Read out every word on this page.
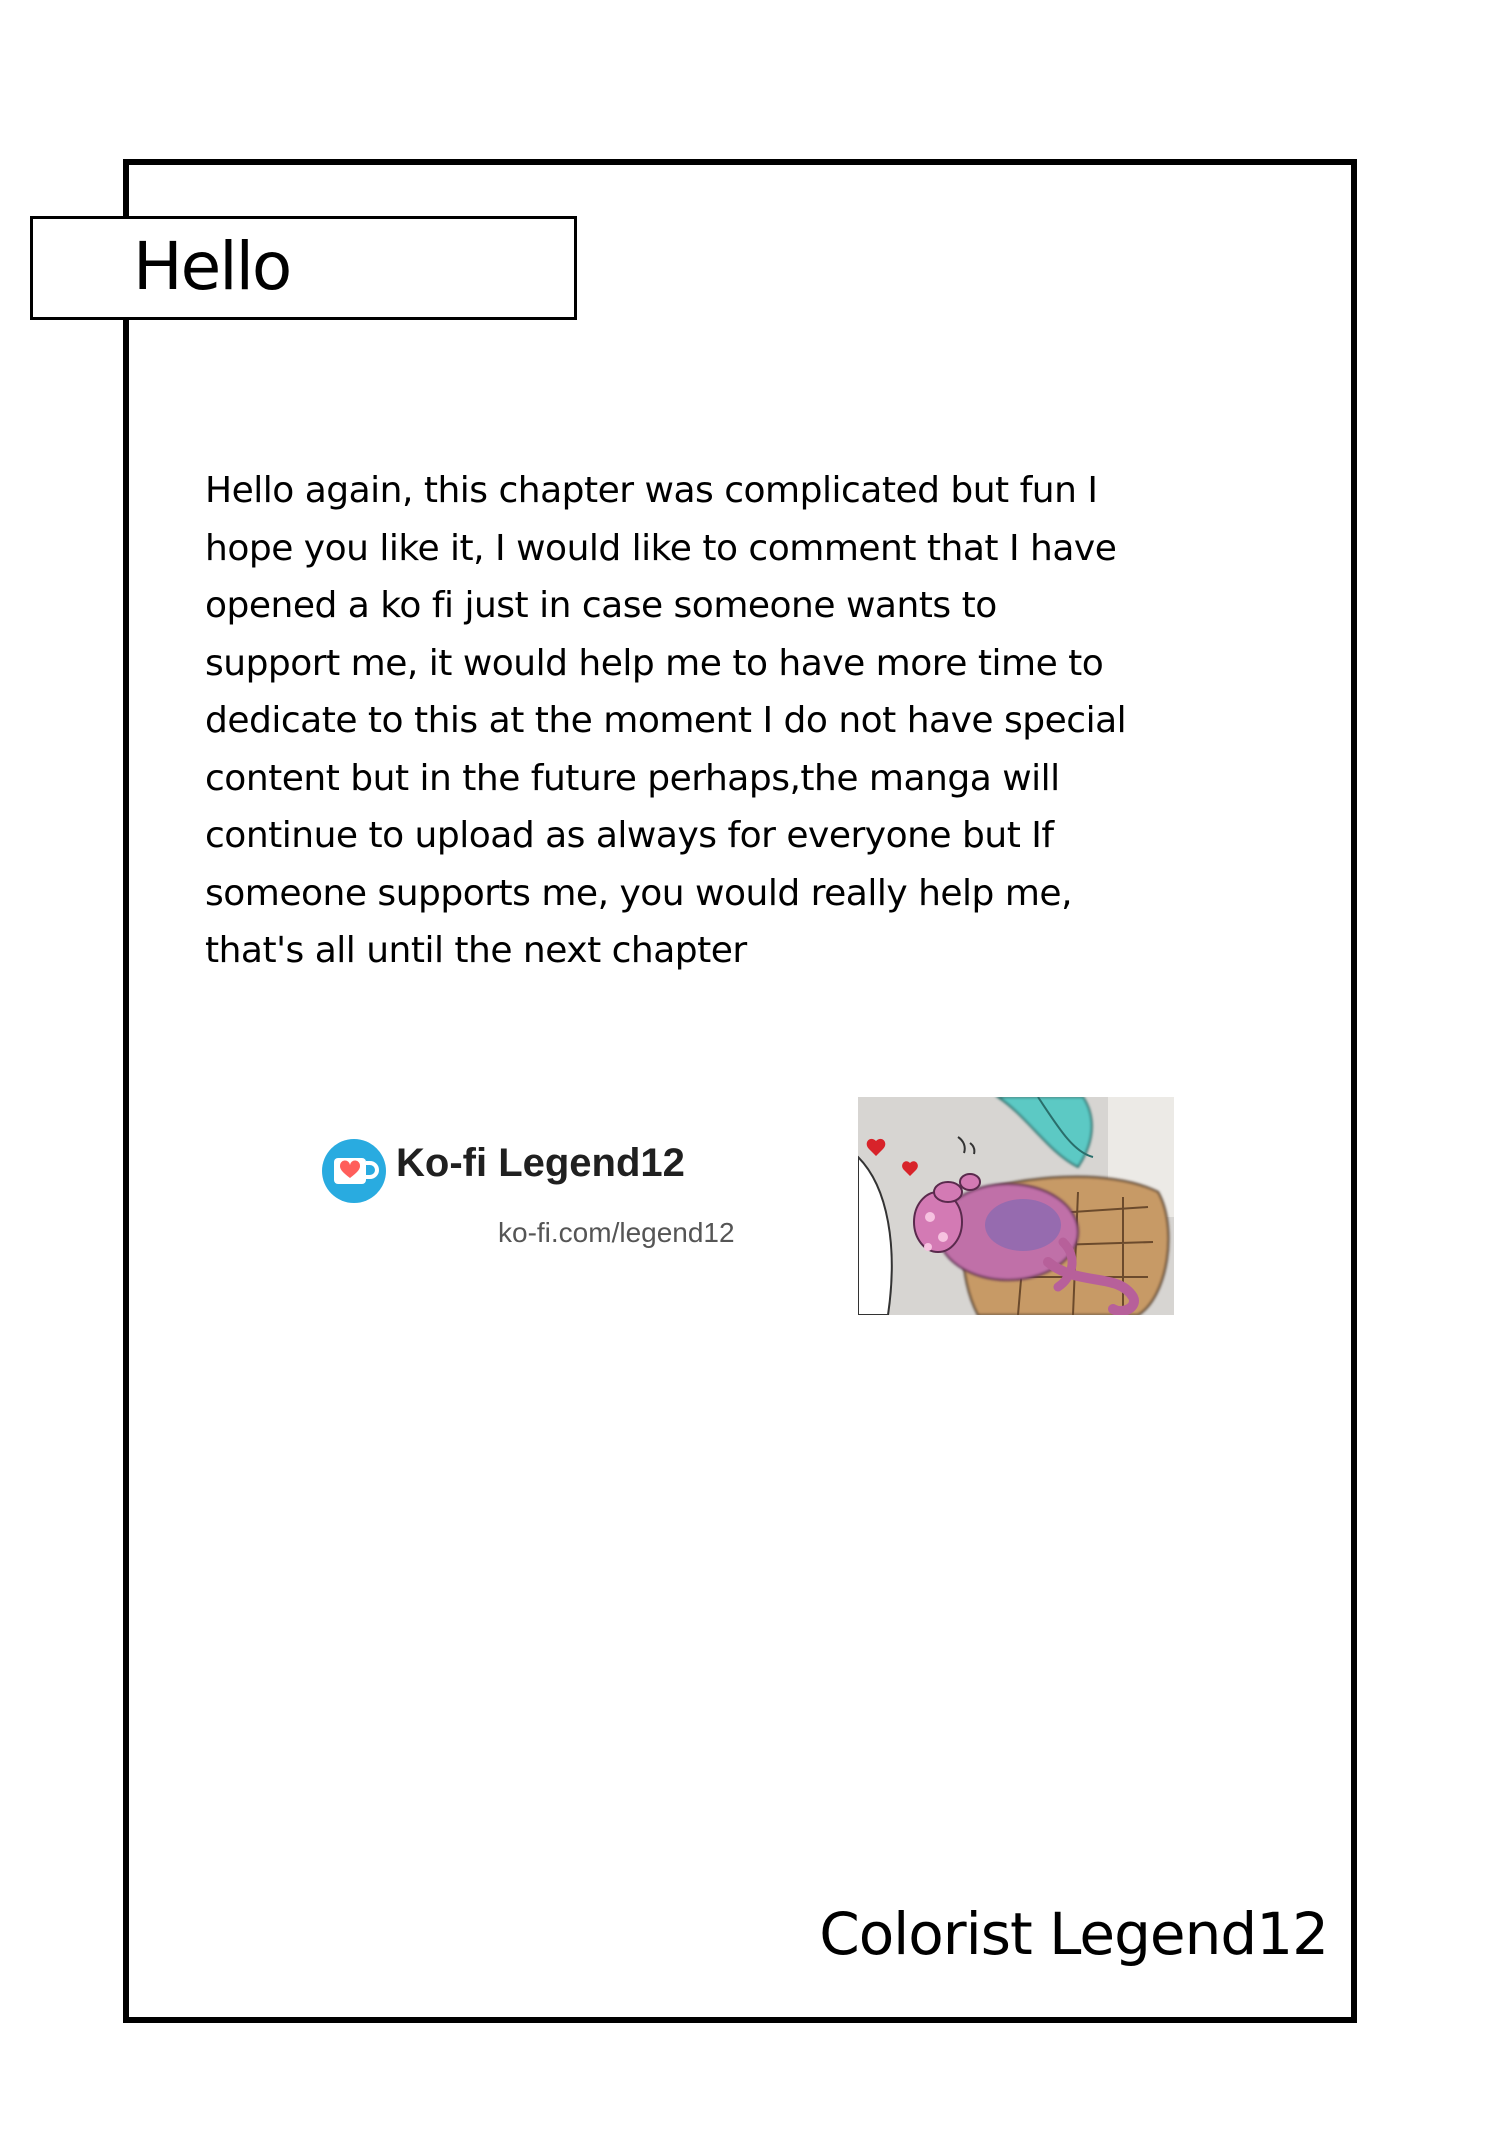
Hello
Hello again, this chapter was complicated but fun I
hope you like it, I would like to comment that I have
opened a ko fi just in case someone wants to
support me, it would help me to have more time to
dedicate to this at the moment I do not have special
content but in the future perhaps,the manga will
continue to upload as always for everyone but If
someone supports me, you would really help me,
that's all until the next chapter
Ko-fi Legend12
ko-fi.com/legend12
Colorist Legend12
